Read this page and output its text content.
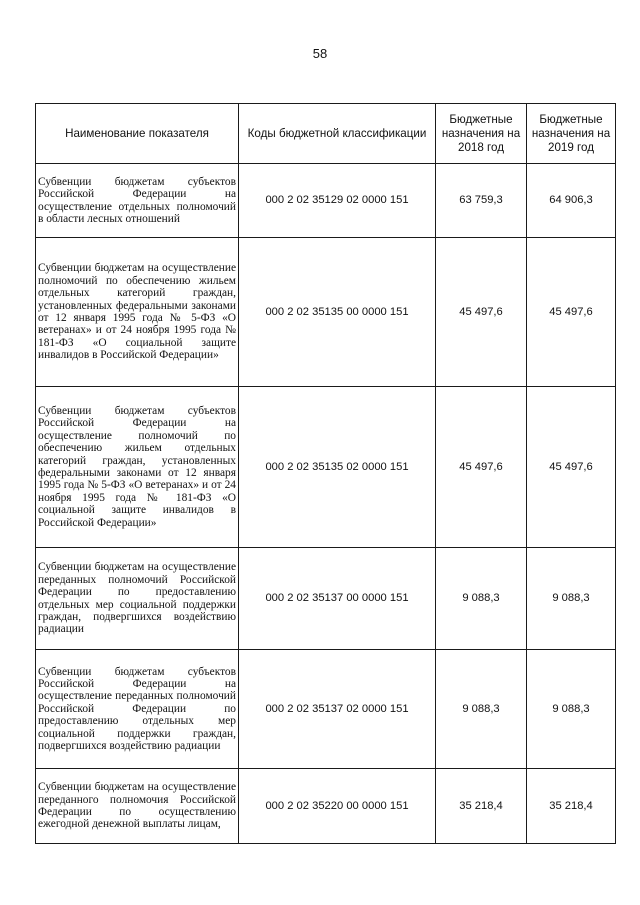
58
Наименование показателя	Коды бюджетной классификации	Бюджетные назначения на 2018 год	Бюджетные назначения на 2019 год
Субвенции бюджетам субъектов Российской Федерации на осуществление отдельных полномочий в области лесных отношений	000 2 02 35129 02 0000 151	63 759,3	64 906,3
Субвенции бюджетам на осуществление полномочий по обеспечению жильем отдельных категорий граждан, установленных федеральными законами от 12 января 1995 года № 5-ФЗ «О ветеранах» и от 24 ноября 1995 года № 181-ФЗ «О социальной защите инвалидов в Российской Федерации»	000 2 02 35135 00 0000 151	45 497,6	45 497,6
Субвенции бюджетам субъектов Российской Федерации на осуществление полномочий по обеспечению жильем отдельных категорий граждан, установленных федеральными законами от 12 января 1995 года № 5-ФЗ «О ветеранах» и от 24 ноября 1995 года № 181-ФЗ «О социальной защите инвалидов в Российской Федерации»	000 2 02 35135 02 0000 151	45 497,6	45 497,6
Субвенции бюджетам на осуществление переданных полномочий Российской Федерации по предоставлению отдельных мер социальной поддержки граждан, подвергшихся воздействию радиации	000 2 02 35137 00 0000 151	9 088,3	9 088,3
Субвенции бюджетам субъектов Российской Федерации на осуществление переданных полномочий Российской Федерации по предоставлению отдельных мер социальной поддержки граждан, подвергшихся воздействию радиации	000 2 02 35137 02 0000 151	9 088,3	9 088,3
Субвенции бюджетам на осуществление переданного полномочия Российской Федерации по осуществлению ежегодной денежной выплаты лицам,	000 2 02 35220 00 0000 151	35 218,4	35 218,4
